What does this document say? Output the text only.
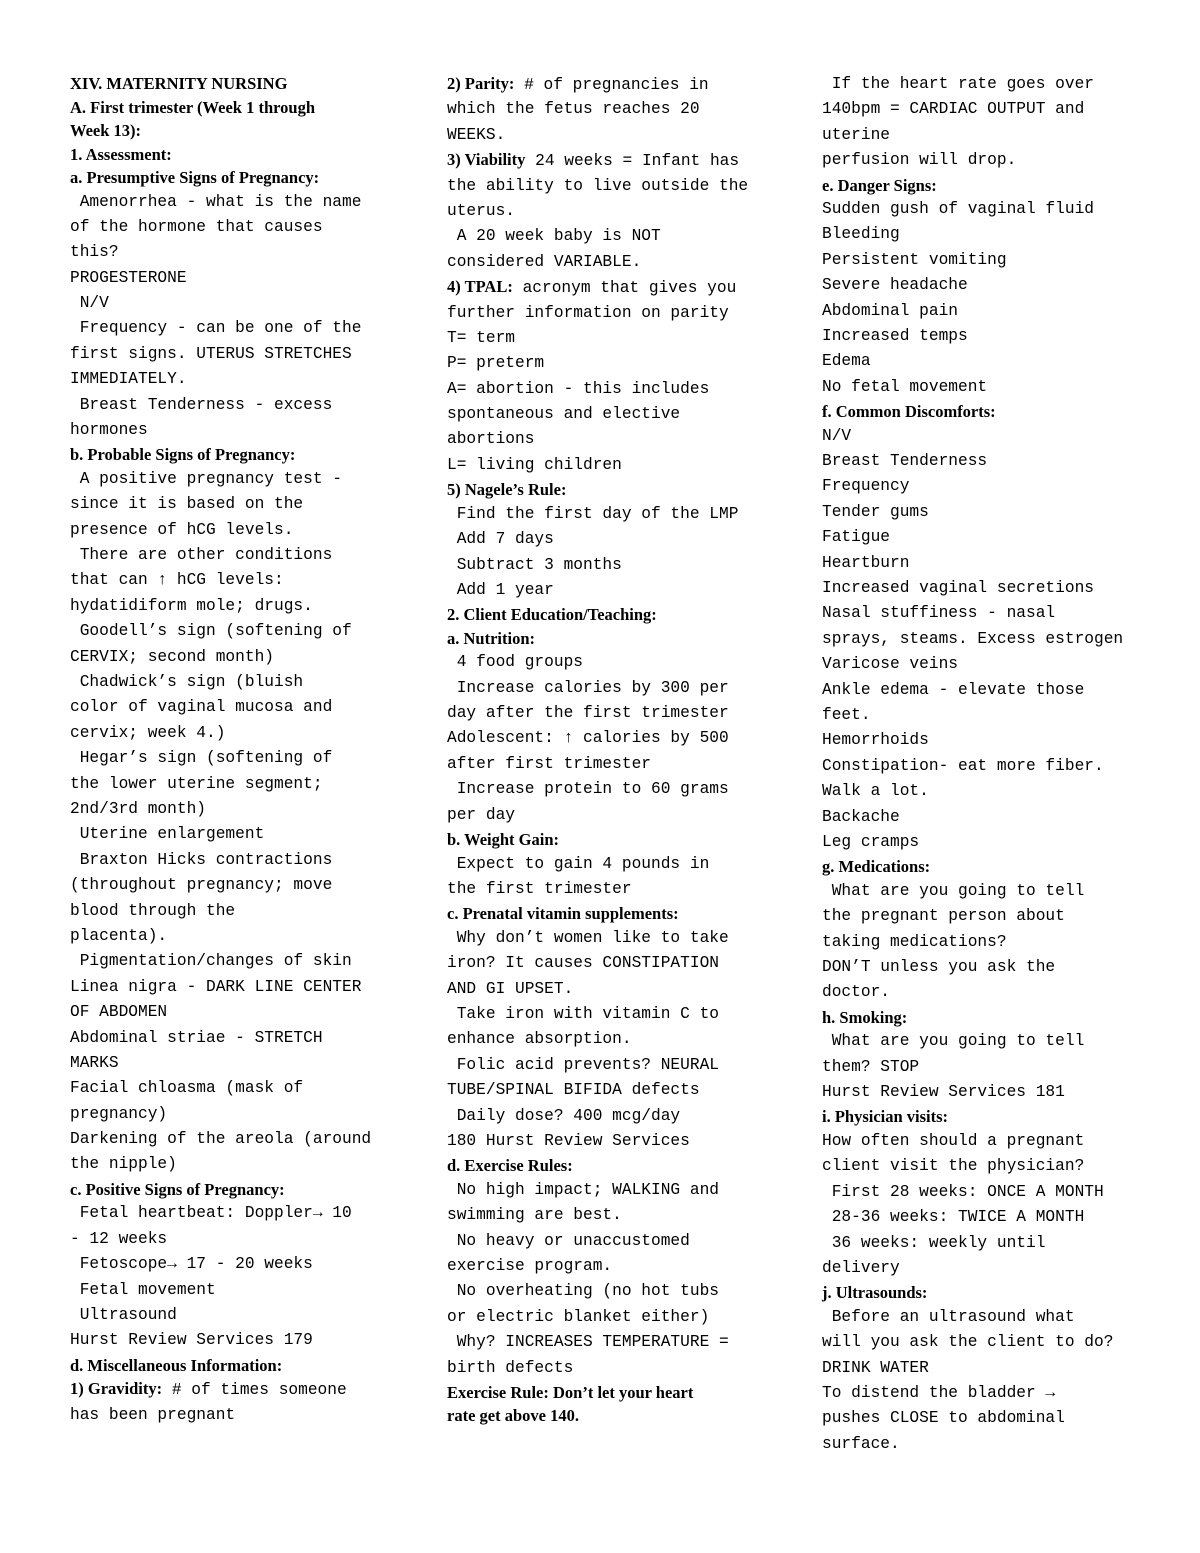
XIV. MATERNITY NURSING
A. First trimester (Week 1 through
Week 13):
1. Assessment:
a. Presumptive Signs of Pregnancy:
Amenorrhea - what is the name
of the hormone that causes
this?
PROGESTERONE
N/V
Frequency - can be one of the
first signs. UTERUS STRETCHES
IMMEDIATELY.
Breast Tenderness - excess
hormones
b. Probable Signs of Pregnancy:
A positive pregnancy test -
since it is based on the
presence of hCG levels.
There are other conditions
that can ↑ hCG levels:
hydatidiform mole; drugs.
Goodell’s sign (softening of
CERVIX; second month)
Chadwick’s sign (bluish
color of vaginal mucosa and
cervix; week 4.)
Hegar’s sign (softening of
the lower uterine segment;
2nd/3rd month)
Uterine enlargement
Braxton Hicks contractions
(throughout pregnancy; move
blood through the
placenta).
Pigmentation/changes of skin
Linea nigra - DARK LINE CENTER
OF ABDOMEN
Abdominal striae - STRETCH
MARKS
Facial chloasma (mask of
pregnancy)
Darkening of the areola (around
the nipple)
c. Positive Signs of Pregnancy:
Fetal heartbeat: Doppler→ 10
- 12 weeks
Fetoscope→ 17 - 20 weeks
Fetal movement
Ultrasound
Hurst Review Services 179
d. Miscellaneous Information:
1) Gravidity: # of times someone
has been pregnant
2) Parity: # of pregnancies in
which the fetus reaches 20
WEEKS.
3) Viability 24 weeks = Infant has
the ability to live outside the
uterus.
A 20 week baby is NOT
considered VARIABLE.
4) TPAL: acronym that gives you
further information on parity
T= term
P= preterm
A= abortion - this includes
spontaneous and elective
abortions
L= living children
5) Nagele’s Rule:
Find the first day of the LMP
Add 7 days
Subtract 3 months
Add 1 year
2. Client Education/Teaching:
a. Nutrition:
4 food groups
Increase calories by 300 per
day after the first trimester
Adolescent: ↑ calories by 500
after first trimester
Increase protein to 60 grams
per day
b. Weight Gain:
Expect to gain 4 pounds in
the first trimester
c. Prenatal vitamin supplements:
Why don’t women like to take
iron? It causes CONSTIPATION
AND GI UPSET.
Take iron with vitamin C to
enhance absorption.
Folic acid prevents? NEURAL
TUBE/SPINAL BIFIDA defects
Daily dose? 400 mcg/day
180 Hurst Review Services
d. Exercise Rules:
No high impact; WALKING and
swimming are best.
No heavy or unaccustomed
exercise program.
No overheating (no hot tubs
or electric blanket either)
Why? INCREASES TEMPERATURE =
birth defects
Exercise Rule: Don’t let your heart
rate get above 140.
If the heart rate goes over
140bpm = CARDIAC OUTPUT and
uterine
perfusion will drop.
e. Danger Signs:
Sudden gush of vaginal fluid
Bleeding
Persistent vomiting
Severe headache
Abdominal pain
Increased temps
Edema
No fetal movement
f. Common Discomforts:
N/V
Breast Tenderness
Frequency
Tender gums
Fatigue
Heartburn
Increased vaginal secretions
Nasal stuffiness - nasal
sprays, steams. Excess estrogen
Varicose veins
Ankle edema - elevate those
feet.
Hemorrhoids
Constipation- eat more fiber.
Walk a lot.
Backache
Leg cramps
g. Medications:
What are you going to tell
the pregnant person about
taking medications?
DON’T unless you ask the
doctor.
h. Smoking:
What are you going to tell
them? STOP
Hurst Review Services 181
i. Physician visits:
How often should a pregnant
client visit the physician?
First 28 weeks: ONCE A MONTH
28-36 weeks: TWICE A MONTH
36 weeks: weekly until
delivery
j. Ultrasounds:
Before an ultrasound what
will you ask the client to do?
DRINK WATER
To distend the bladder →
pushes CLOSE to abdominal
surface.
